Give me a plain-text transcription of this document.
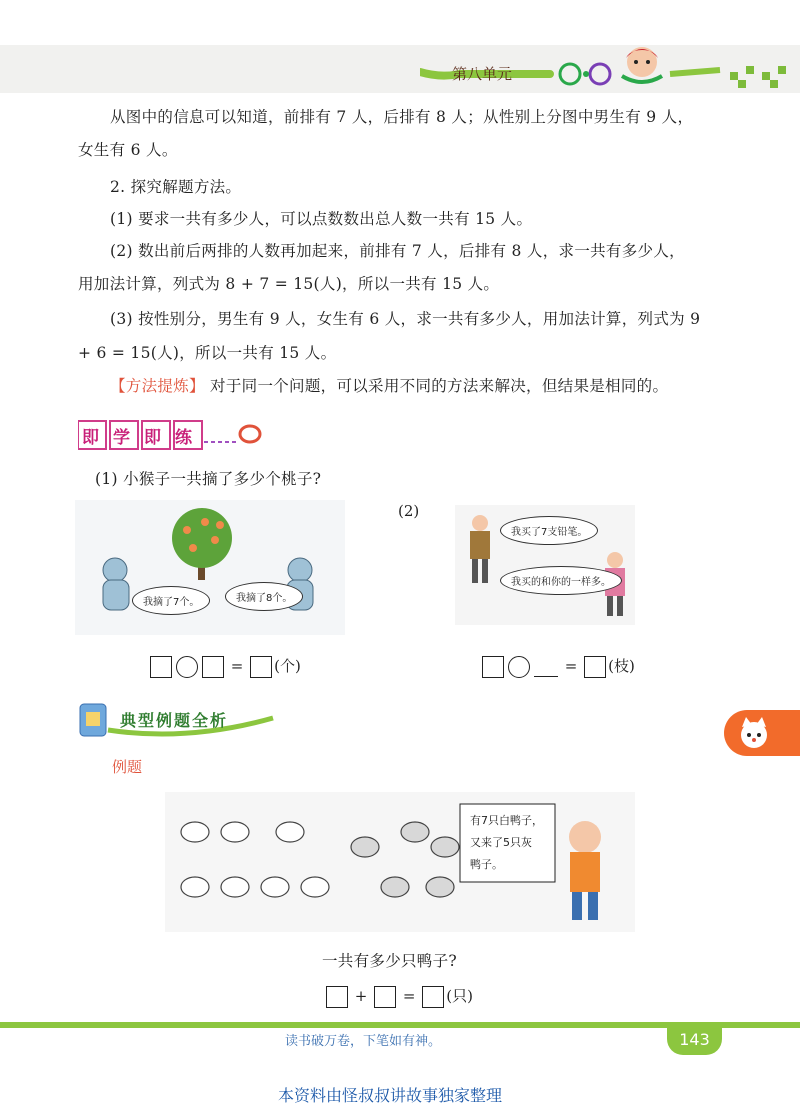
第八单元
从图中的信息可以知道，前排有 7 人，后排有 8 人；从性别上分图中男生有 9 人，
女生有 6 人。
2. 探究解题方法。
(1) 要求一共有多少人，可以点数数出总人数一共有 15 人。
(2) 数出前后两排的人数再加起来，前排有 7 人，后排有 8 人，求一共有多少人，
用加法计算，列式为 8 + 7 = 15(人)，所以一共有 15 人。
(3) 按性别分，男生有 9 人，女生有 6 人，求一共有多少人，用加法计算，列式为 9
+ 6 = 15(人)，所以一共有 15 人。
【方法提炼】 对于同一个问题，可以采用不同的方法来解决，但结果是相同的。
即学即练
(1) 小猴子一共摘了多少个桃子?
我摘了7个。	我摘了8个。
(2)
我买了7支铅笔。
我买的和你的一样多。
= (个)	= (枝)
典型例题全析
例题
有7只白鸭子，
又来了5只灰
鸭子。
一共有多少只鸭子?
+ = (只)
读书破万卷，下笔如有神。	143
本资料由怪叔叔讲故事独家整理
